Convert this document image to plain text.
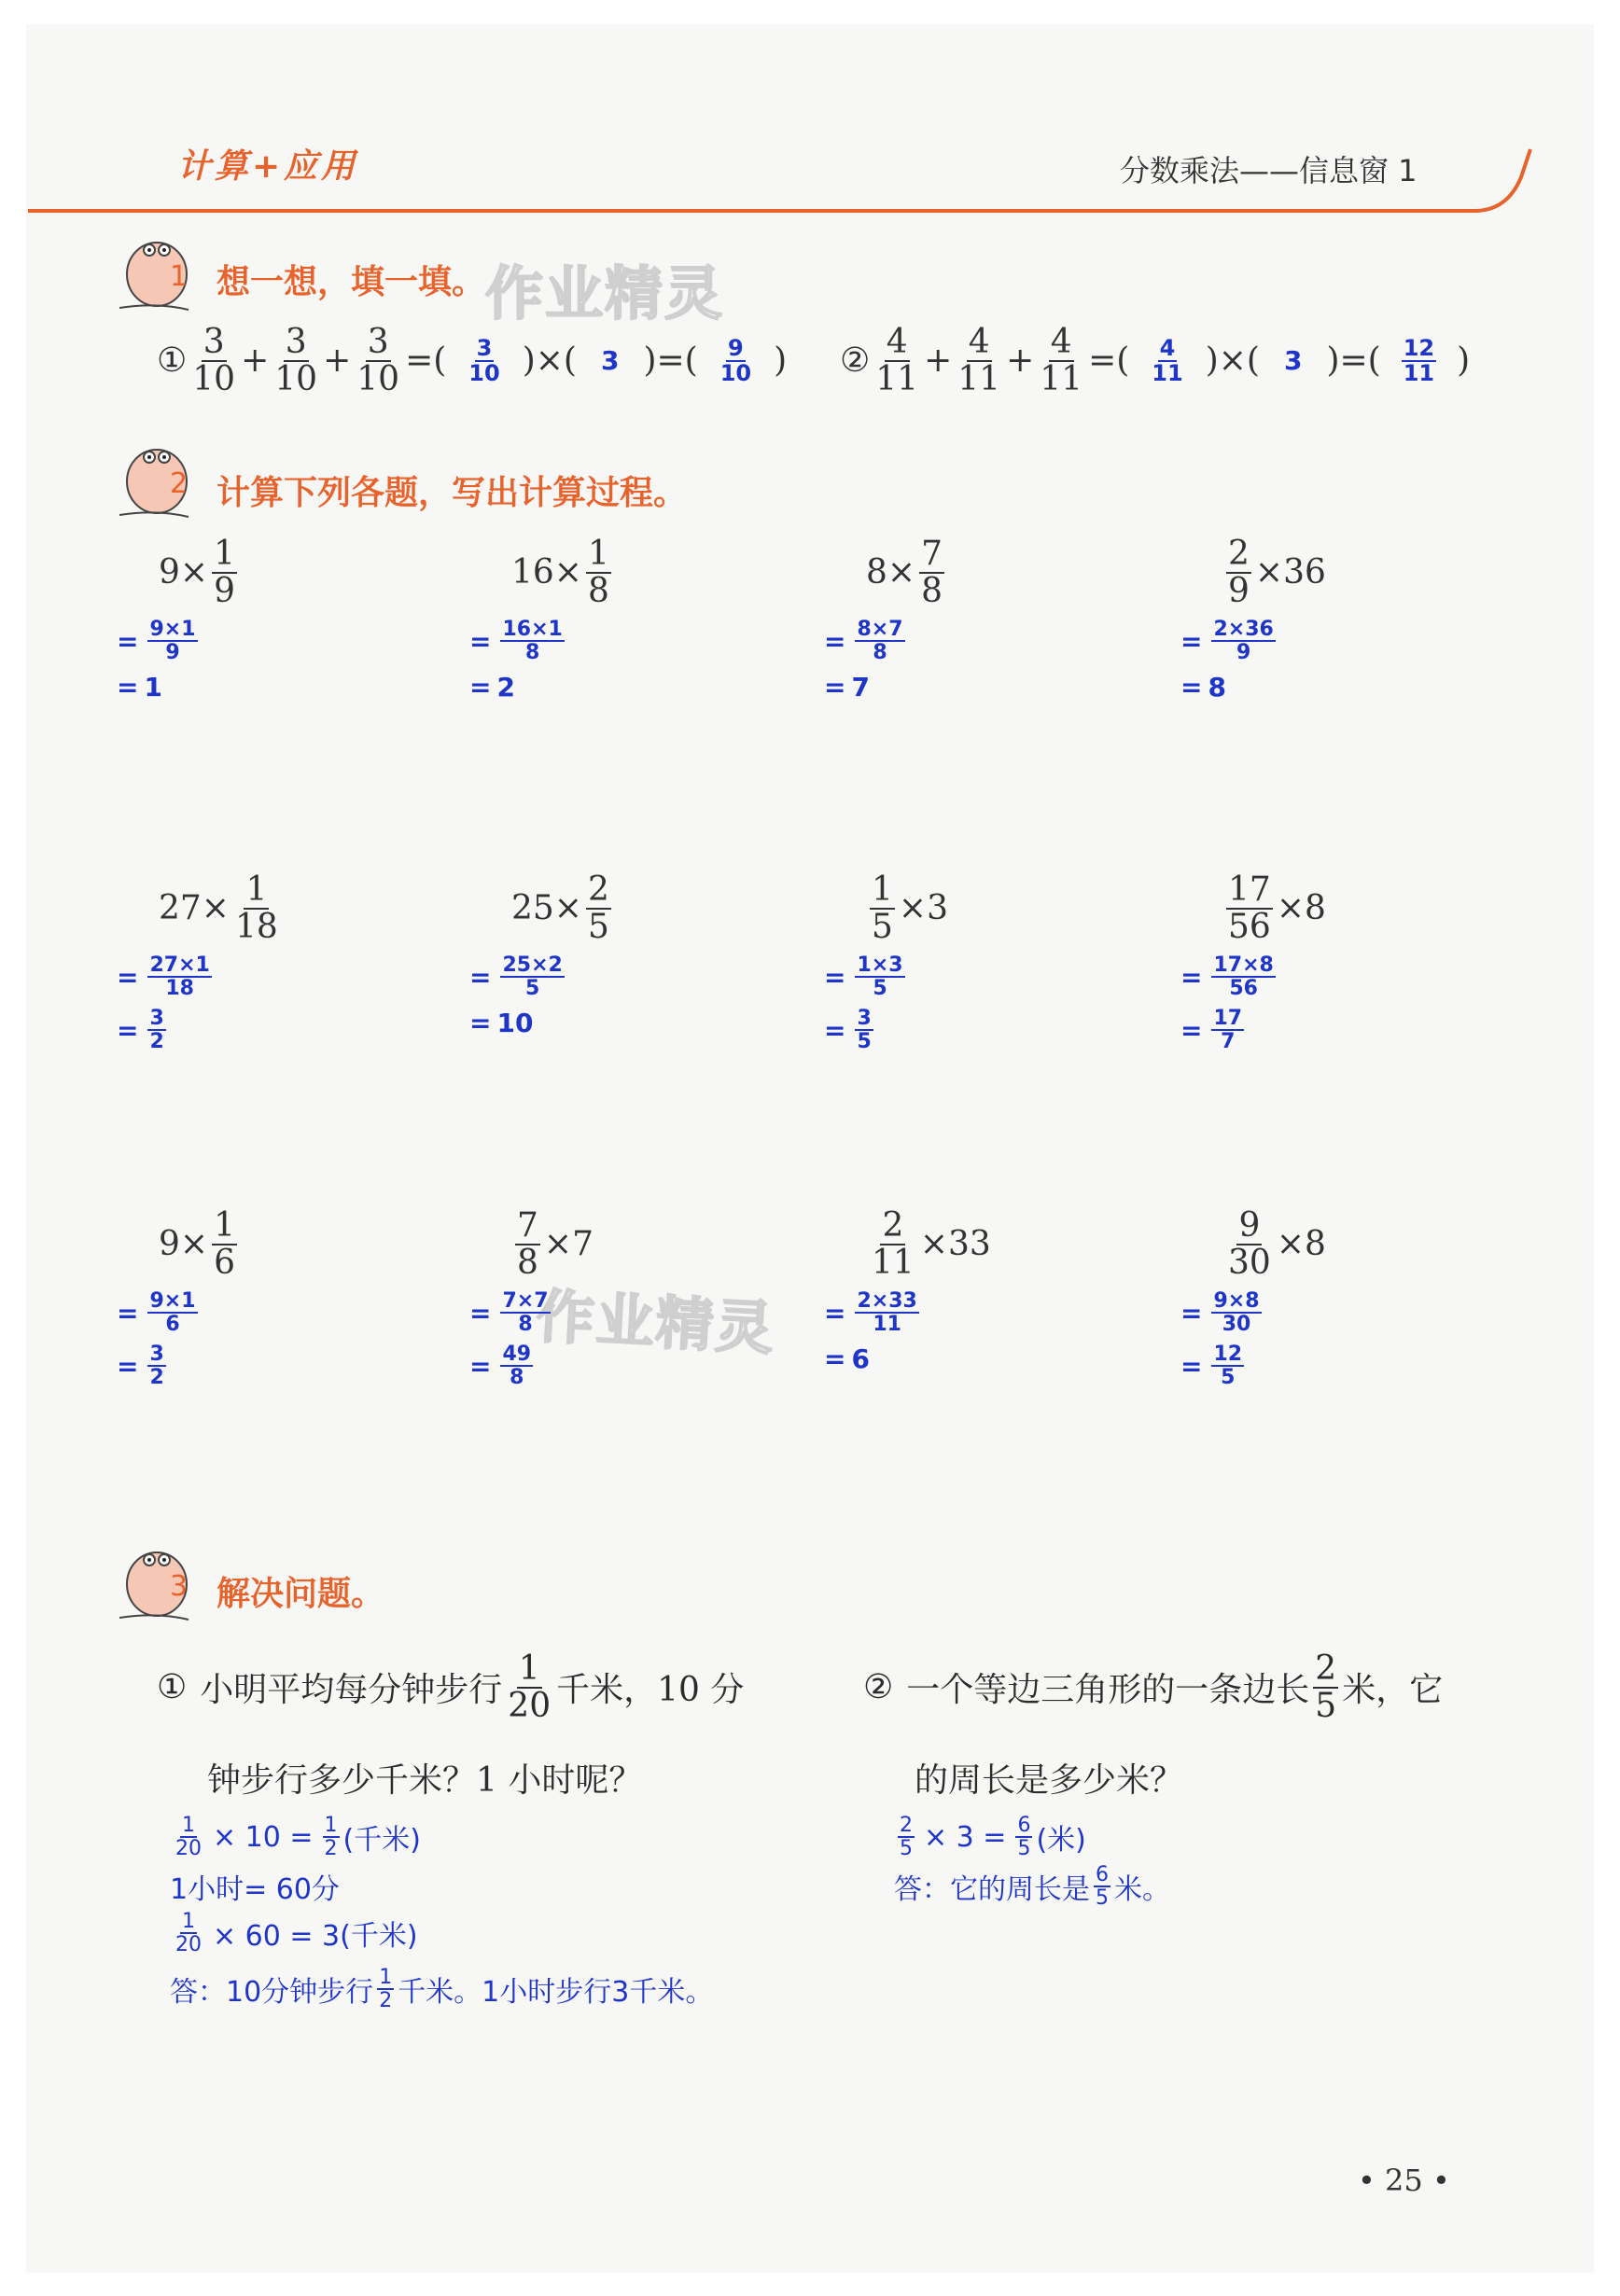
计算+应用	分数乘法——信息窗 1
作业精灵
作业精灵
1
2
3
想一想，填一填。
计算下列各题，写出计算过程。
解决问题。
① $\frac{3}{10} + \frac{3}{10} + \frac{3}{10}$ = ( $\frac{3}{10}$ ) × ( 3 ) = ( $\frac{9}{10}$ ) ② $\frac{4}{11} + \frac{4}{11} + \frac{4}{11}$ = ( $\frac{4}{11}$ ) × ( 3 ) = ( $\frac{12}{11}$ )
$9\times \frac{1}{9}$
= $\frac{9\times 1}{9}$
= 1
$16\times \frac{1}{8}$
= $\frac{16\times 1}{8}$
= 2
$8\times \frac{7}{8}$
= $\frac{8\times 7}{8}$
= 7
$\frac{2}{9} \times 36$
= $\frac{2\times 36}{9}$
= 8
$27\times \frac{1}{18}$
= $\frac{27\times 1}{18}$
= $\frac{3}{2}$
$25\times \frac{2}{5}$
= $\frac{25\times 2}{5}$
= 10
$\frac{1}{5} \times 3$
= $\frac{1\times 3}{5}$
= $\frac{3}{5}$
$\frac{17}{56} \times 8$
= $\frac{17\times 8}{56}$
= $\frac{17}{7}$
$9\times \frac{1}{6}$
= $\frac{9\times 1}{6}$
= $\frac{3}{2}$
$\frac{7}{8} \times 7$
= $\frac{7\times 7}{8}$
= $\frac{49}{8}$
$\frac{2}{11} \times 33$
= $\frac{2\times 33}{11}$
= 6
$\frac{9}{30} \times 8$
= $\frac{9\times 8}{30}$
= $\frac{12}{5}$
① 小明平均每分钟步行 $\frac{1}{20}$ 千米，10 分
钟步行多少千米？1 小时呢？
$\frac{1}{20} \times 10 = \frac{1}{2}$ (千米)
1小时= 60分
$\frac{1}{20} \times 60 = 3$(千米)
答：10分钟步行 $\frac{1}{2}$ 千米。1小时步行3千米。
② 一个等边三角形的一条边长 $\frac{2}{5}$ 米，它
的周长是多少米？
$\frac{2}{5} \times 3 = \frac{6}{5}$ (米)
答：它的周长是 $\frac{6}{5}$ 米。
• 25 •
